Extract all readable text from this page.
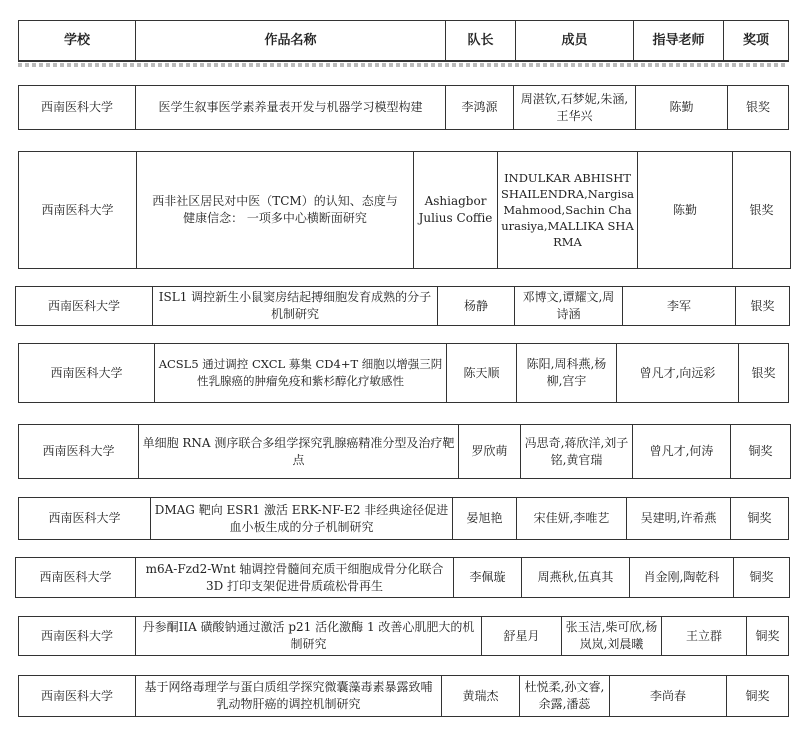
学校	作品名称	队长	成员	指导老师	奖项
西南医科大学	医学生叙事医学素养量表开发与机器学习模型构建	李鸿源	周湛钦,石梦妮,朱涵,王华兴	陈勤	银奖
西南医科大学	西非社区居民对中医（TCM）的认知、态度与健康信念： 一项多中心横断面研究	Ashiagbor Julius Coffie	INDULKAR ABHISHT SHAILENDRA,Nargisa Mahmood,Sachin Chaurasiya,MALLIKA SHARMA	陈勤	银奖
西南医科大学	ISL1 调控新生小鼠窦房结起搏细胞发育成熟的分子机制研究	杨静	邓博文,谭耀文,周诗涵	李军	银奖
西南医科大学	ACSL5 通过调控 CXCL 募集 CD4+T 细胞以增强三阴性乳腺癌的肿瘤免疫和紫杉醇化疗敏感性	陈天顺	陈阳,周科燕,杨柳,宫宇	曾凡才,向远彩	银奖
西南医科大学	单细胞 RNA 测序联合多组学探究乳腺癌精准分型及治疗靶点	罗欣萌	冯思奇,蒋欣洋,刘子铭,黄官瑞	曾凡才,何涛	铜奖
西南医科大学	DMAG 靶向 ESR1 激活 ERK-NF-E2 非经典途径促进血小板生成的分子机制研究	晏旭艳	宋佳妍,李唯艺	吴建明,许希燕	铜奖
西南医科大学	m6A-Fzd2-Wnt 轴调控骨髓间充质干细胞成骨分化联合 3D 打印支架促进骨质疏松骨再生	李佩璇	周燕秋,伍真其	肖金刚,陶乾科	铜奖
西南医科大学	丹参酮IIA 磺酸钠通过激活 p21 活化激酶 1 改善心肌肥大的机制研究	舒星月	张玉洁,柴可欣,杨岚岚,刘晨曦	王立群	铜奖
西南医科大学	基于网络毒理学与蛋白质组学探究微囊藻毒素暴露致哺乳动物肝癌的调控机制研究	黄瑞杰	杜悦柔,孙文睿,余露,潘蕊	李尚春	铜奖
